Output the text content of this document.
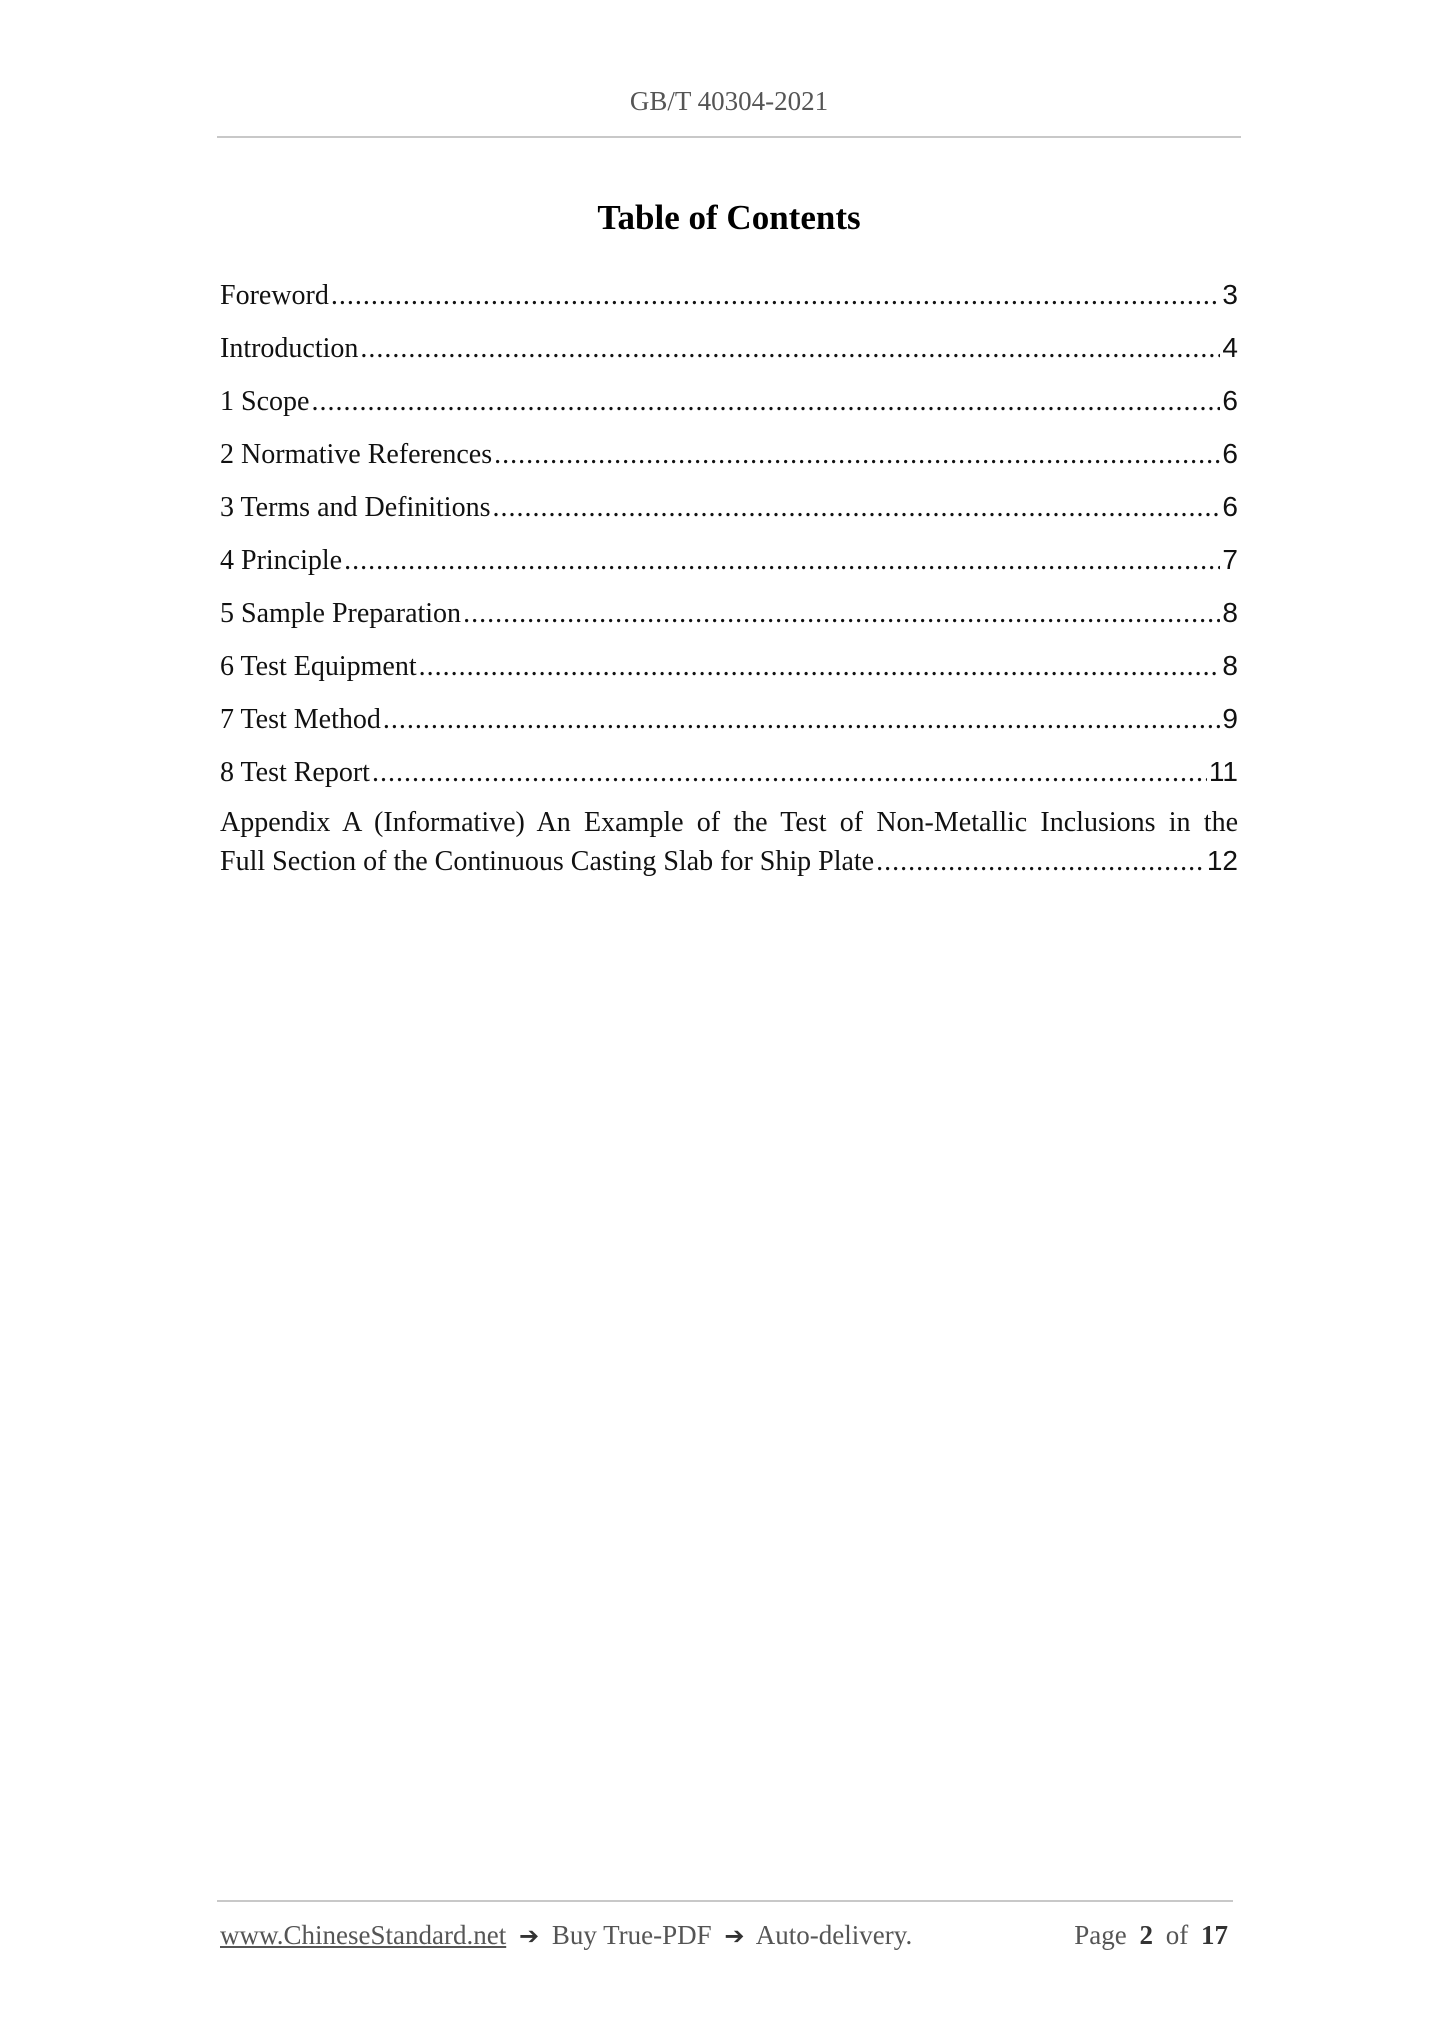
GB/T 40304-2021
Table of Contents
Foreword .....	3
Introduction .....	4
1 Scope .....	6
2 Normative References .....	6
3 Terms and Definitions .....	6
4 Principle .....	7
5 Sample Preparation .....	8
6 Test Equipment .....	8
7 Test Method .....	9
8 Test Report .....	11
Appendix A (Informative) An Example of the Test of Non-Metallic Inclusions in the
Full Section of the Continuous Casting Slab for Ship Plate .....	12
www.ChineseStandard.net ➔ Buy True-PDF ➔ Auto-delivery.	Page 2 of 17
